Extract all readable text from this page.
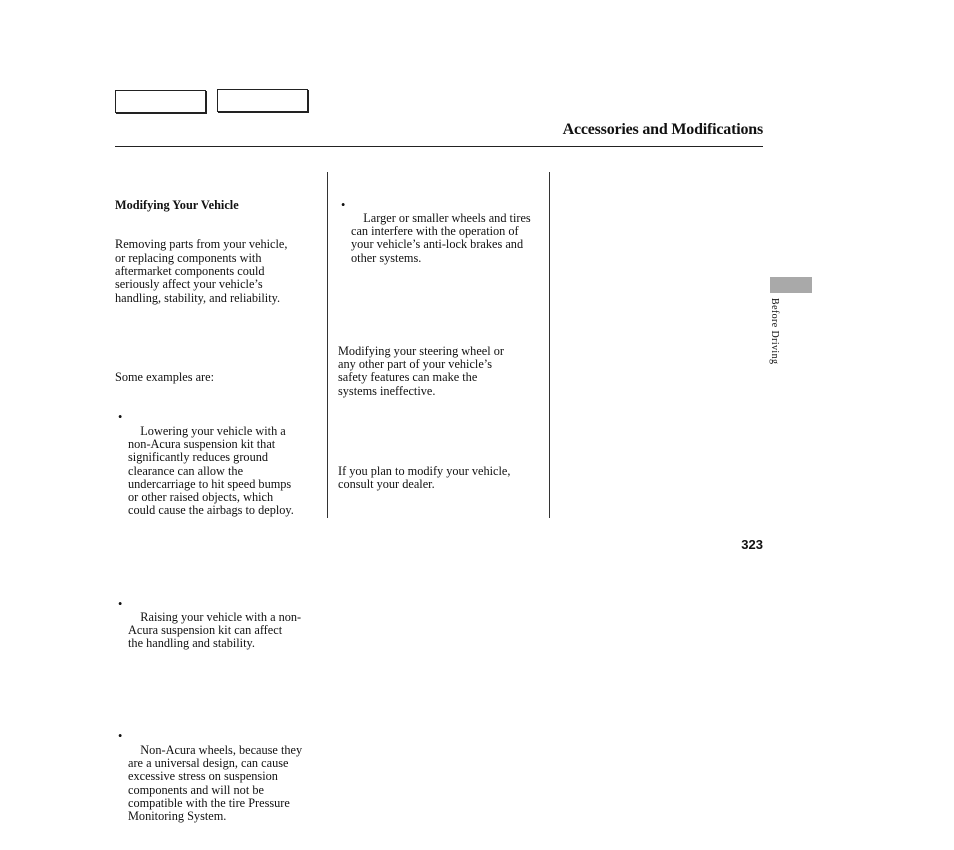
Accessories and Modifications

Modifying Your Vehicle

Removing parts from your vehicle,
or replacing components with
aftermarket components could
seriously affect your vehicle’s
handling, stability, and reliability.

Some examples are:

•
Lowering your vehicle with a
non-Acura suspension kit that
significantly reduces ground
clearance can allow the
undercarriage to hit speed bumps
or other raised objects, which
could cause the airbags to deploy.

•
Raising your vehicle with a non-
Acura suspension kit can affect
the handling and stability.

•
Non-Acura wheels, because they
are a universal design, can cause
excessive stress on suspension
components and will not be
compatible with the tire Pressure
Monitoring System.

•
Larger or smaller wheels and tires
can interfere with the operation of
your vehicle’s anti-lock brakes and
other systems.

Modifying your steering wheel or
any other part of your vehicle’s
safety features can make the
systems ineffective.

If you plan to modify your vehicle,
consult your dealer.

Before Driving
323
